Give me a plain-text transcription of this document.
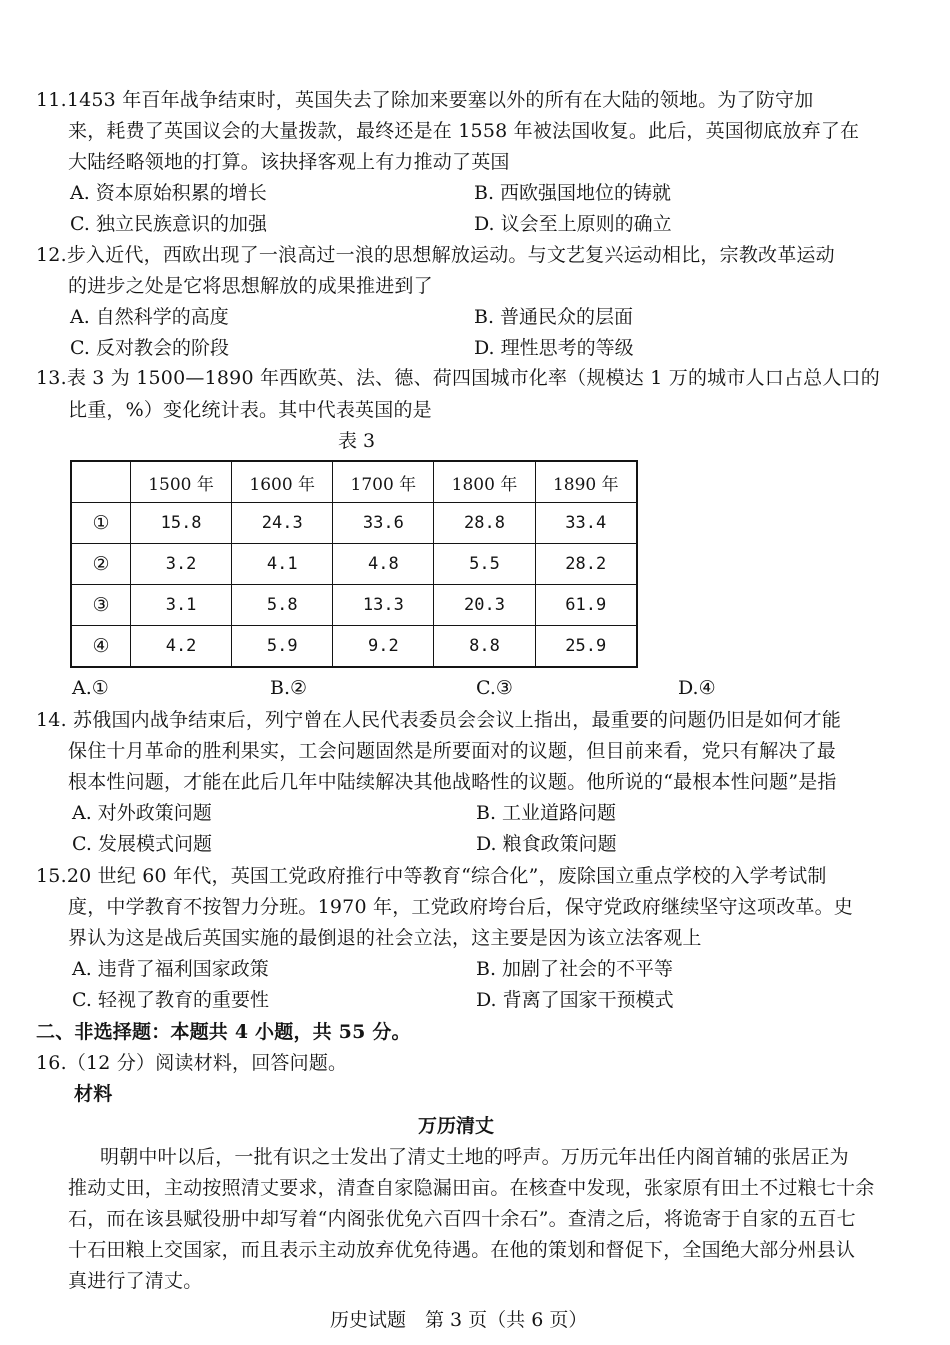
11.1453 年百年战争结束时，英国失去了除加来要塞以外的所有在大陆的领地。为了防守加
来，耗费了英国议会的大量拨款，最终还是在 1558 年被法国收复。此后，英国彻底放弃了在
大陆经略领地的打算。该抉择客观上有力推动了英国
A. 资本原始积累的增长	B. 西欧强国地位的铸就
C. 独立民族意识的加强	D. 议会至上原则的确立
12.步入近代，西欧出现了一浪高过一浪的思想解放运动。与文艺复兴运动相比，宗教改革运动
的进步之处是它将思想解放的成果推进到了
A. 自然科学的高度	B. 普通民众的层面
C. 反对教会的阶段	D. 理性思考的等级
13.表 3 为 1500—1890 年西欧英、法、德、荷四国城市化率（规模达 1 万的城市人口占总人口的
比重，%）变化统计表。其中代表英国的是
表 3
	1500 年	1600 年	1700 年	1800 年	1890 年
①	15.8	24.3	33.6	28.8	33.4
②	3.2	4.1	4.8	5.5	28.2
③	3.1	5.8	13.3	20.3	61.9
④	4.2	5.9	9.2	8.8	25.9
A.①	B.②	C.③	D.④
14. 苏俄国内战争结束后，列宁曾在人民代表委员会会议上指出，最重要的问题仍旧是如何才能
保住十月革命的胜利果实，工会问题固然是所要面对的议题，但目前来看，党只有解决了最
根本性问题，才能在此后几年中陆续解决其他战略性的议题。他所说的“最根本性问题”是指
A. 对外政策问题	B. 工业道路问题
C. 发展模式问题	D. 粮食政策问题
15.20 世纪 60 年代，英国工党政府推行中等教育“综合化”，废除国立重点学校的入学考试制
度，中学教育不按智力分班。1970 年，工党政府垮台后，保守党政府继续坚守这项改革。史
界认为这是战后英国实施的最倒退的社会立法，这主要是因为该立法客观上
A. 违背了福利国家政策	B. 加剧了社会的不平等
C. 轻视了教育的重要性	D. 背离了国家干预模式
二、非选择题：本题共 4 小题，共 55 分。
16.（12 分）阅读材料，回答问题。
材料
万历清丈
明朝中叶以后，一批有识之士发出了清丈土地的呼声。万历元年出任内阁首辅的张居正为
推动丈田，主动按照清丈要求，清查自家隐漏田亩。在核查中发现，张家原有田土不过粮七十余
石，而在该县赋役册中却写着“内阁张优免六百四十余石”。查清之后，将诡寄于自家的五百七
十石田粮上交国家，而且表示主动放弃优免待遇。在他的策划和督促下，全国绝大部分州县认
真进行了清丈。
历史试题　第 3 页（共 6 页）
